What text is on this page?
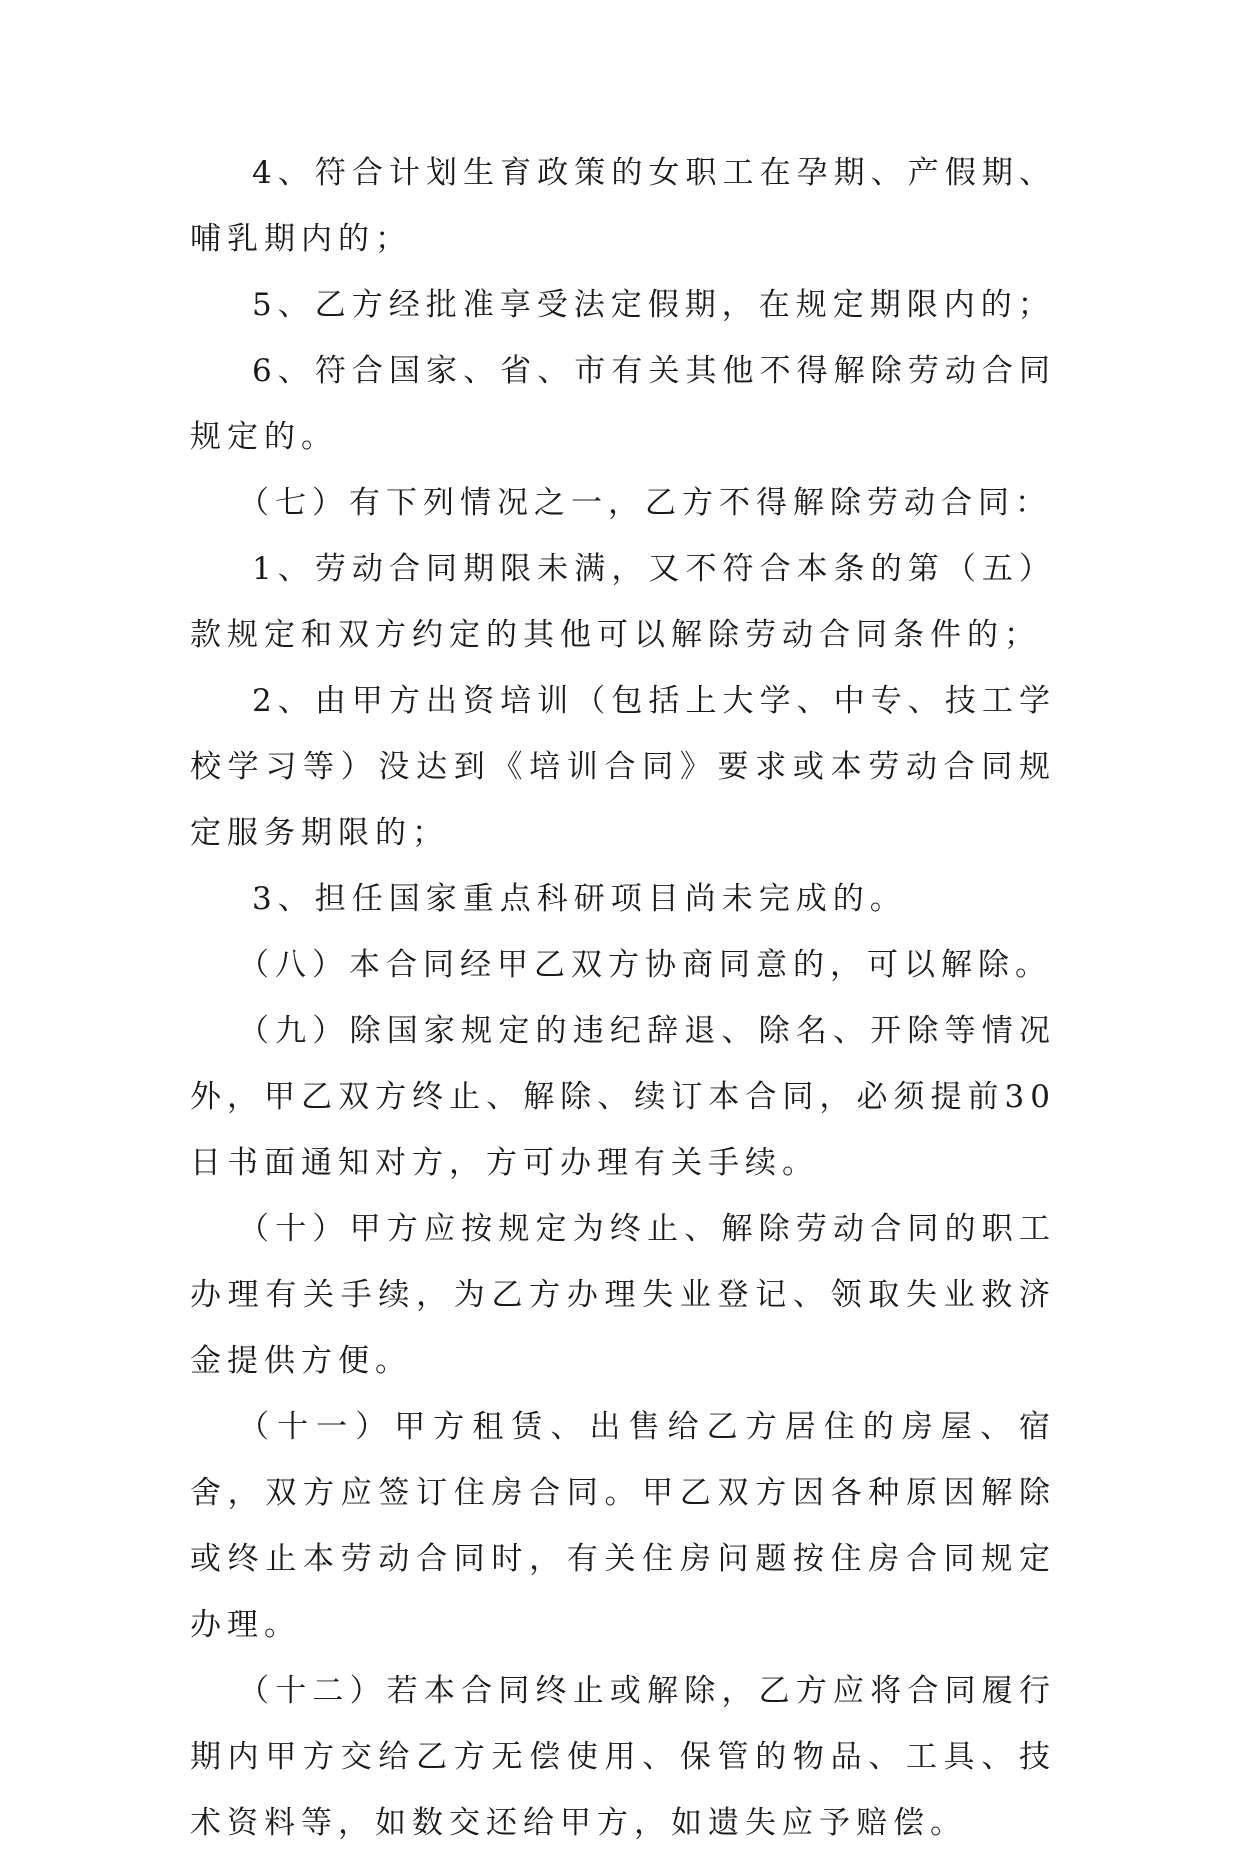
4、符合计划生育政策的女职工在孕期、产假期、哺乳期内的；

5、乙方经批准享受法定假期，在规定期限内的；

6、符合国家、省、市有关其他不得解除劳动合同规定的。

（七）有下列情况之一，乙方不得解除劳动合同：

1、劳动合同期限未满，又不符合本条的第（五）款规定和双方约定的其他可以解除劳动合同条件的；

2、由甲方出资培训（包括上大学、中专、技工学校学习等）没达到《培训合同》要求或本劳动合同规定服务期限的；

3、担任国家重点科研项目尚未完成的。

（八）本合同经甲乙双方协商同意的，可以解除。

（九）除国家规定的违纪辞退、除名、开除等情况外，甲乙双方终止、解除、续订本合同，必须提前30日书面通知对方，方可办理有关手续。

（十）甲方应按规定为终止、解除劳动合同的职工办理有关手续，为乙方办理失业登记、领取失业救济金提供方便。

（十一）甲方租赁、出售给乙方居住的房屋、宿舍，双方应签订住房合同。甲乙双方因各种原因解除或终止本劳动合同时，有关住房问题按住房合同规定办理。

（十二）若本合同终止或解除，乙方应将合同履行期内甲方交给乙方无偿使用、保管的物品、工具、技术资料等，如数交还给甲方，如遗失应予赔偿。
